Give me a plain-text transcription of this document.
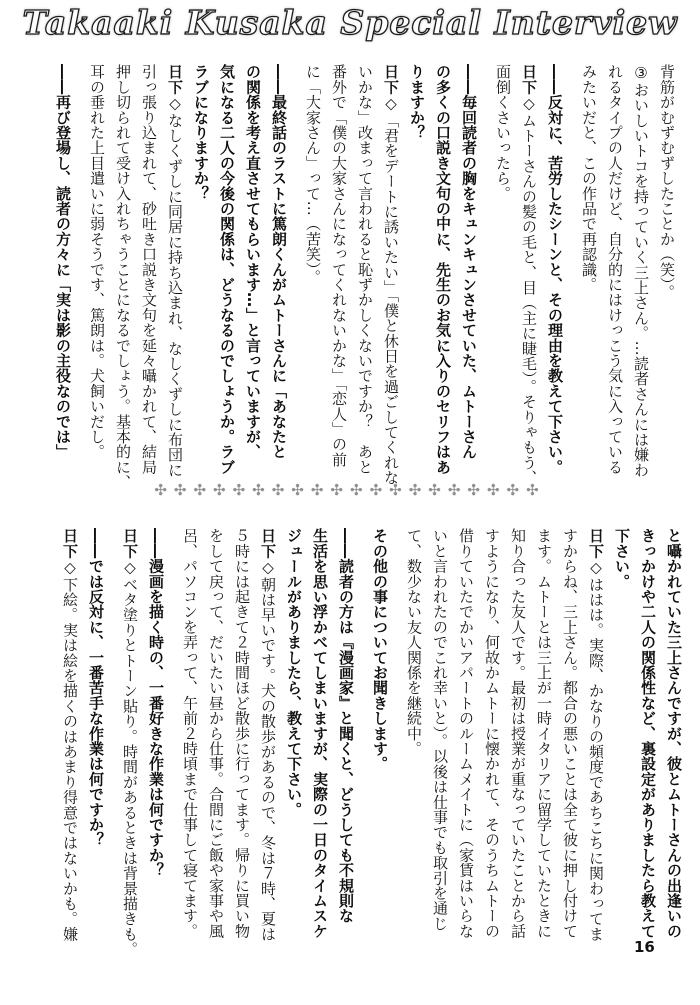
Takaaki Kusaka Special Interview

背筋がむずむずしたことか（笑）。

③おいしいトコを持っていく三上さん。…読者さんには嫌わ

れるタイプの人だけど、自分的にはけっこう気に入っている

みたいだと、この作品で再認識。

――反対に、苦労したシーンと、その理由を教えて下さい。

日下◇ムトーさんの髪の毛と、目（主に睫毛）。そりゃもう、

面倒くさいったら。

――毎回読者の胸をキュンキュンさせていた、ムトーさん

の多くの口説き文句の中に、先生のお気に入りのセリフはあ

りますか？

日下◇「君をデートに誘いたい」「僕と休日を過ごしてくれな

いかな」改まって言われると恥ずかしくないですか？　あと

番外で「僕の大家さんになってくれないかな」「恋人」の前

に「大家さん」って…（苦笑）。

――最終話のラストに篤朗くんがムトーさんに「あなたと

の関係を考え直させてもらいます…」と言っていますが、

気になる二人の今後の関係は、どうなるのでしょうか。ラブ

ラブになりますか？

日下◇なしくずしに同居に持ち込まれ、なしくずしに布団に

引っ張り込まれて、砂吐き口説き文句を延々囁かれて、結局

押し切られて受け入れちゃうことになるでしょう。基本的に、

耳の垂れた上目遣いに弱そうです、篤朗は。犬飼いだし。

――再び登場し、読者の方々に「実は影の主役なのでは」

✣✣✣✣✣✣✣✣✣✣✣✣✣✣✣✣✣✣✣✣

と囁かれていた三上さんですが、彼とムトーさんの出逢いの

きっかけや二人の関係性など、裏設定がありましたら教えて

下さい。

日下◇ははは。実際、かなりの頻度であちこちに関わってま

すからね、三上さん。都合の悪いことは全て彼に押し付けて

ます。ムトーとは三上が一時イタリアに留学していたときに

知り合った友人です。最初は授業が重なっていたことから話

すようになり、何故かムトーに懐かれて、そのうちムトーの

借りていたでかいアパートのルームメイトに（家賃はいらな

いと言われたのでこれ幸いと）。以後は仕事でも取引を通じ

て、数少ない友人関係を継続中。

その他の事についてお聞きします。

――読者の方は『漫画家』と聞くと、どうしても不規則な

生活を思い浮かべてしまいますが、実際の一日のタイムスケ

ジュールがありましたら、教えて下さい。

日下◇朝は早いです。犬の散歩があるので、冬は７時、夏は

５時には起きて２時間ほど散歩に行ってます。帰りに買い物

をして戻って、だいたい昼から仕事。合間にご飯や家事や風

呂、パソコンを弄って、午前２時頃まで仕事して寝てます。

――漫画を描く時の、一番好きな作業は何ですか？

日下◇ベタ塗りとトーン貼り。時間があるときは背景描きも。

――では反対に、一番苦手な作業は何ですか？

日下◇下絵。実は絵を描くのはあまり得意ではないかも。嫌

16
